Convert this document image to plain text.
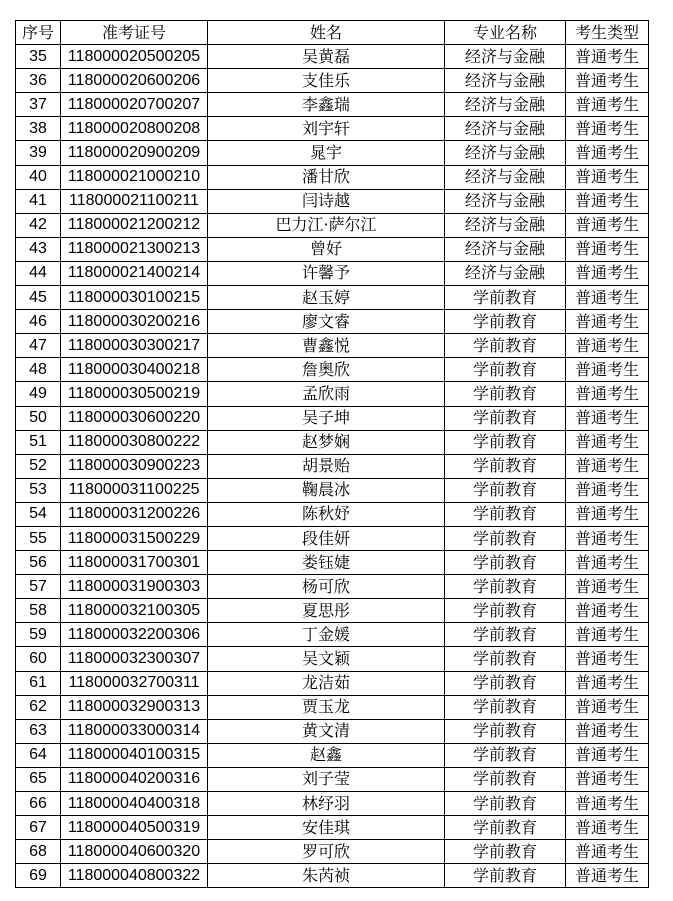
序号	准考证号	姓名	专业名称	考生类型
35	118000020500205	吴黄磊	经济与金融	普通考生
36	118000020600206	支佳乐	经济与金融	普通考生
37	118000020700207	李鑫瑞	经济与金融	普通考生
38	118000020800208	刘宇轩	经济与金融	普通考生
39	118000020900209	晁宇	经济与金融	普通考生
40	118000021000210	潘甘欣	经济与金融	普通考生
41	118000021100211	闫诗越	经济与金融	普通考生
42	118000021200212	巴力江·萨尔江	经济与金融	普通考生
43	118000021300213	曾好	经济与金融	普通考生
44	118000021400214	许馨予	经济与金融	普通考生
45	118000030100215	赵玉婷	学前教育	普通考生
46	118000030200216	廖文睿	学前教育	普通考生
47	118000030300217	曹鑫悦	学前教育	普通考生
48	118000030400218	詹奥欣	学前教育	普通考生
49	118000030500219	孟欣雨	学前教育	普通考生
50	118000030600220	吴子坤	学前教育	普通考生
51	118000030800222	赵梦娴	学前教育	普通考生
52	118000030900223	胡景贻	学前教育	普通考生
53	118000031100225	鞠晨冰	学前教育	普通考生
54	118000031200226	陈秋妤	学前教育	普通考生
55	118000031500229	段佳妍	学前教育	普通考生
56	118000031700301	娄钰婕	学前教育	普通考生
57	118000031900303	杨可欣	学前教育	普通考生
58	118000032100305	夏思彤	学前教育	普通考生
59	118000032200306	丁金媛	学前教育	普通考生
60	118000032300307	吴文颖	学前教育	普通考生
61	118000032700311	龙洁茹	学前教育	普通考生
62	118000032900313	贾玉龙	学前教育	普通考生
63	118000033000314	黄文清	学前教育	普通考生
64	118000040100315	赵鑫	学前教育	普通考生
65	118000040200316	刘子莹	学前教育	普通考生
66	118000040400318	林纾羽	学前教育	普通考生
67	118000040500319	安佳琪	学前教育	普通考生
68	118000040600320	罗可欣	学前教育	普通考生
69	118000040800322	朱芮祯	学前教育	普通考生
